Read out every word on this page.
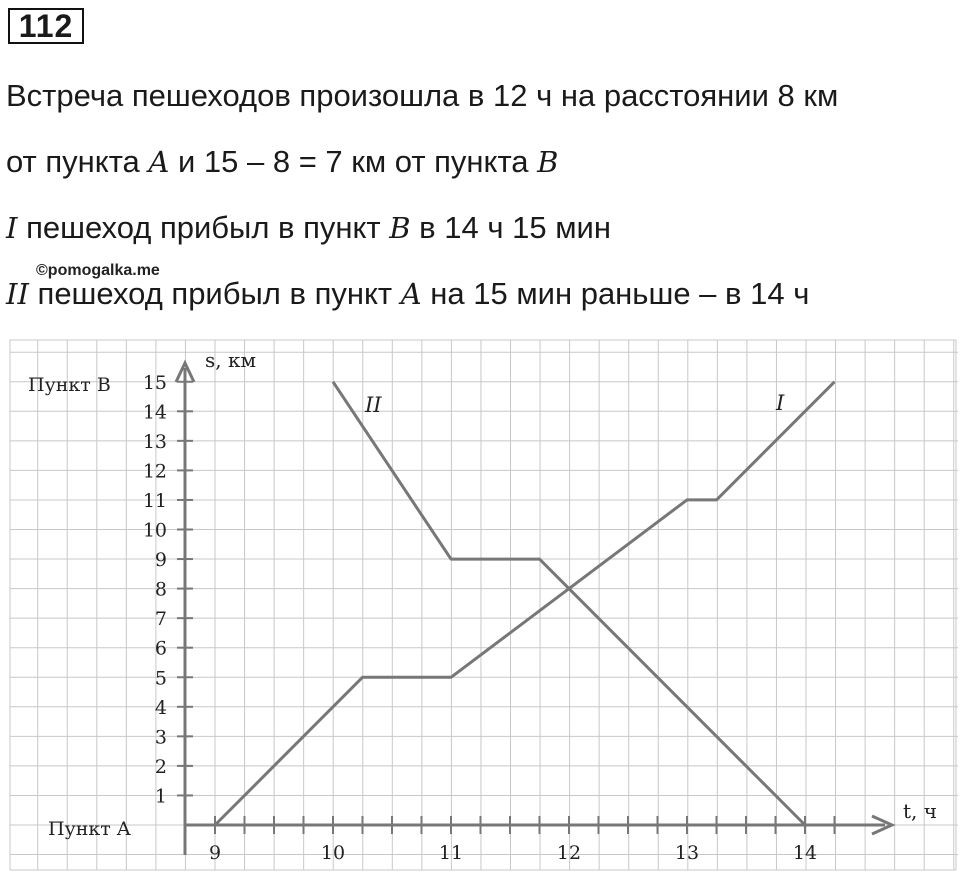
112
Встреча пешеходов произошла в 12 ч на расстоянии 8 км
от пункта A и 15 – 8 = 7 км от пункта B
I пешеход прибыл в пункт B в 14 ч 15 мин
II пешеход прибыл в пункт A на 15 мин раньше – в 14 ч
©pomogalka.me
9	10	11	12	13	14
1
2
3
4
5
6
7
8
9
10
11
12
13
14
15
t, ч
s, км
Пункт B
Пункт A
II	I
